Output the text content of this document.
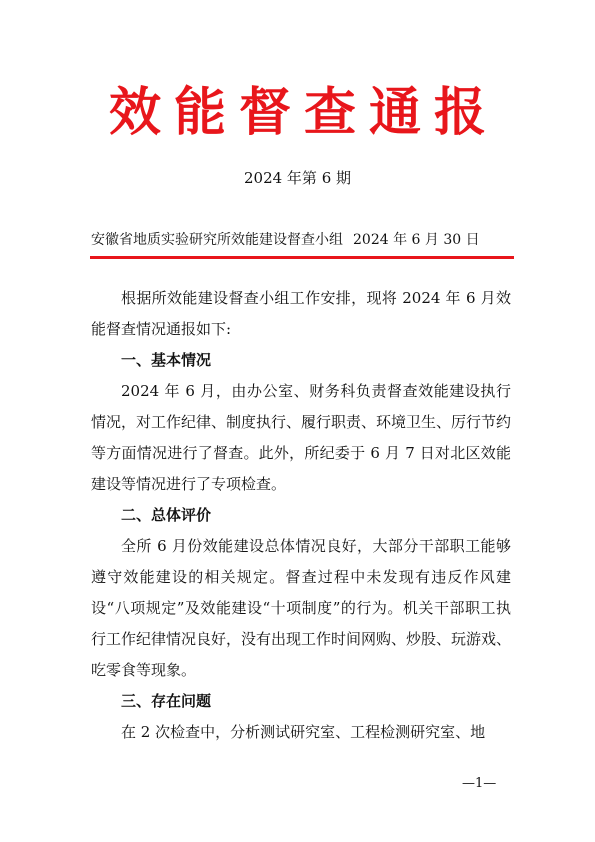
效能督查通报
2024 年第 6 期
安徽省地质实验研究所效能建设督查小组 2024 年 6 月 30 日

根据所效能建设督查小组工作安排，现将 2024 年 6 月效能督查情况通报如下:

一、基本情况

2024 年 6 月，由办公室、财务科负责督查效能建设执行情况，对工作纪律、制度执行、履行职责、环境卫生、厉行节约等方面情况进行了督查。此外，所纪委于 6 月 7 日对北区效能建设等情况进行了专项检查。

二、总体评价

全所 6 月份效能建设总体情况良好，大部分干部职工能够遵守效能建设的相关规定。督查过程中未发现有违反作风建设“八项规定”及效能建设“十项制度”的行为。机关干部职工执行工作纪律情况良好，没有出现工作时间网购、炒股、玩游戏、吃零食等现象。

三、存在问题

在 2 次检查中，分析测试研究室、工程检测研究室、地

—1—
